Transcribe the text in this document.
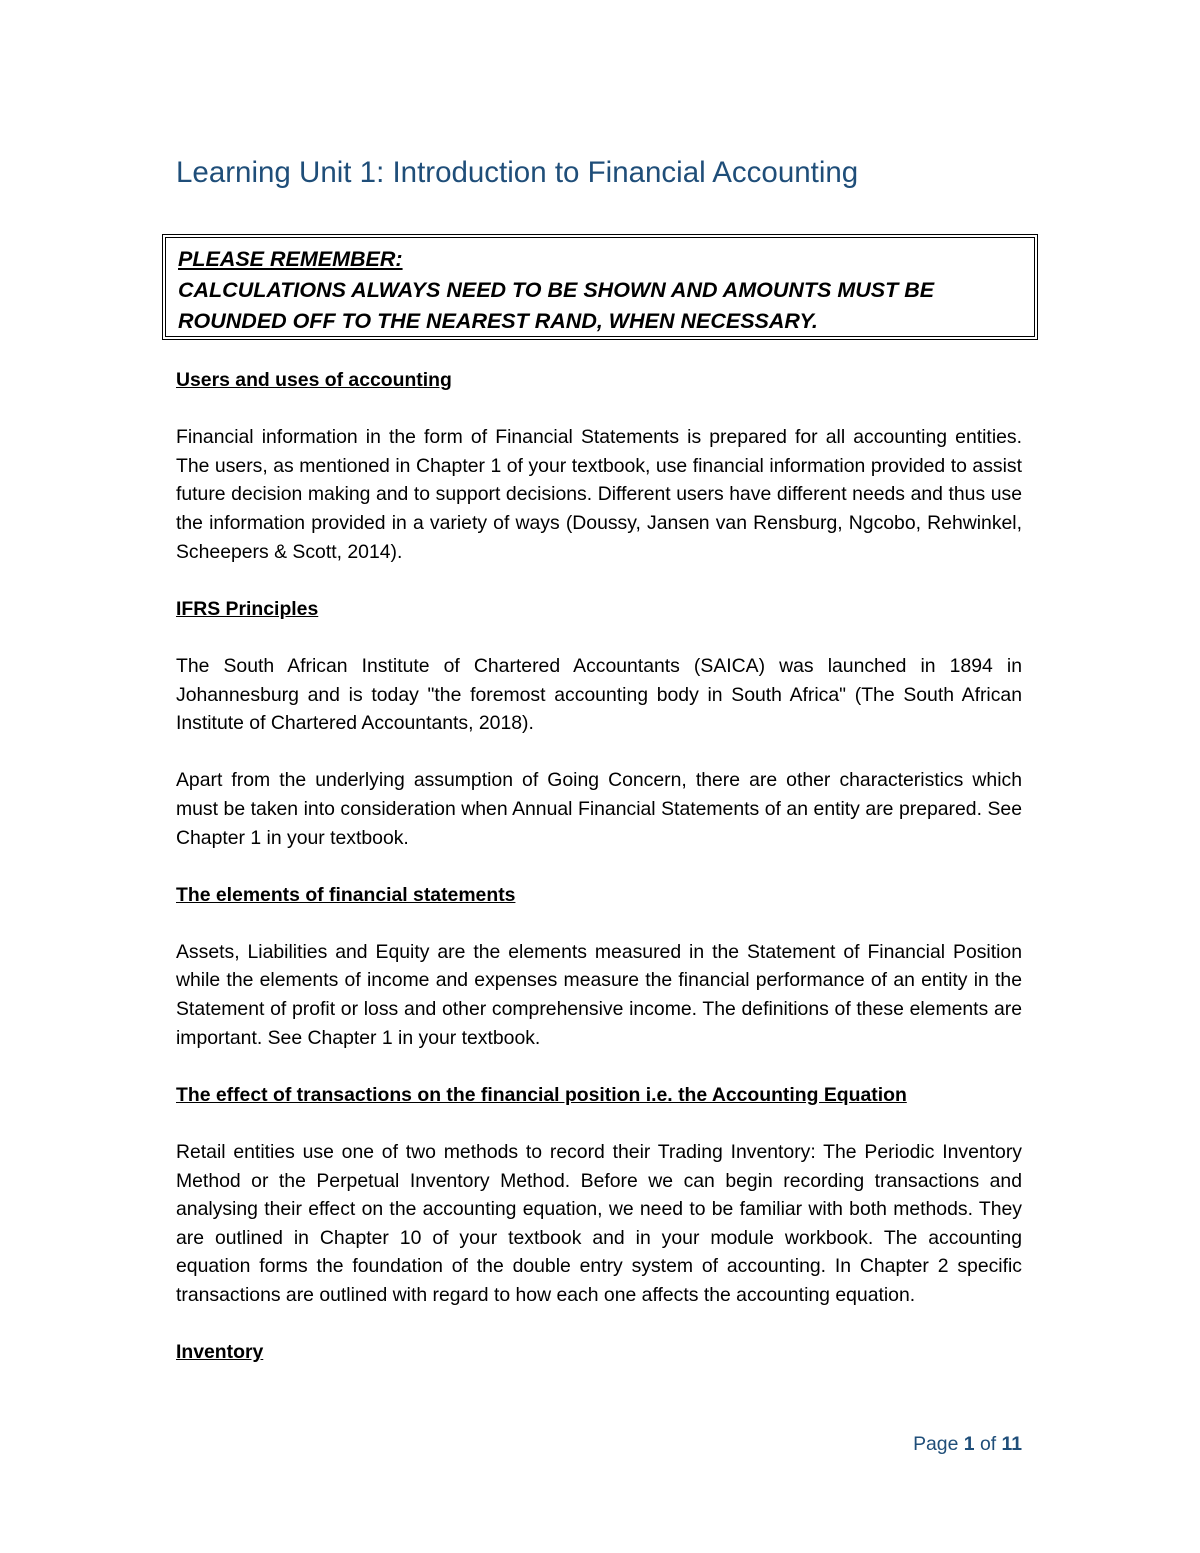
Learning Unit 1: Introduction to Financial Accounting
PLEASE REMEMBER:
CALCULATIONS ALWAYS NEED TO BE SHOWN AND AMOUNTS MUST BE ROUNDED OFF TO THE NEAREST RAND, WHEN NECESSARY.

Users and uses of accounting

Financial information in the form of Financial Statements is prepared for all accounting entities. The users, as mentioned in Chapter 1 of your textbook, use financial information provided to assist future decision making and to support decisions. Different users have different needs and thus use the information provided in a variety of ways (Doussy, Jansen van Rensburg, Ngcobo, Rehwinkel, Scheepers & Scott, 2014).

IFRS Principles

The South African Institute of Chartered Accountants (SAICA) was launched in 1894 in Johannesburg and is today "the foremost accounting body in South Africa" (The South African Institute of Chartered Accountants, 2018).

Apart from the underlying assumption of Going Concern, there are other characteristics which must be taken into consideration when Annual Financial Statements of an entity are prepared. See Chapter 1 in your textbook.

The elements of financial statements

Assets, Liabilities and Equity are the elements measured in the Statement of Financial Position while the elements of income and expenses measure the financial performance of an entity in the Statement of profit or loss and other comprehensive income. The definitions of these elements are important. See Chapter 1 in your textbook.

The effect of transactions on the financial position i.e. the Accounting Equation

Retail entities use one of two methods to record their Trading Inventory: The Periodic Inventory Method or the Perpetual Inventory Method. Before we can begin recording transactions and analysing their effect on the accounting equation, we need to be familiar with both methods. They are outlined in Chapter 10 of your textbook and in your module workbook. The accounting equation forms the foundation of the double entry system of accounting. In Chapter 2 specific transactions are outlined with regard to how each one affects the accounting equation.

Inventory

Page 1 of 11
